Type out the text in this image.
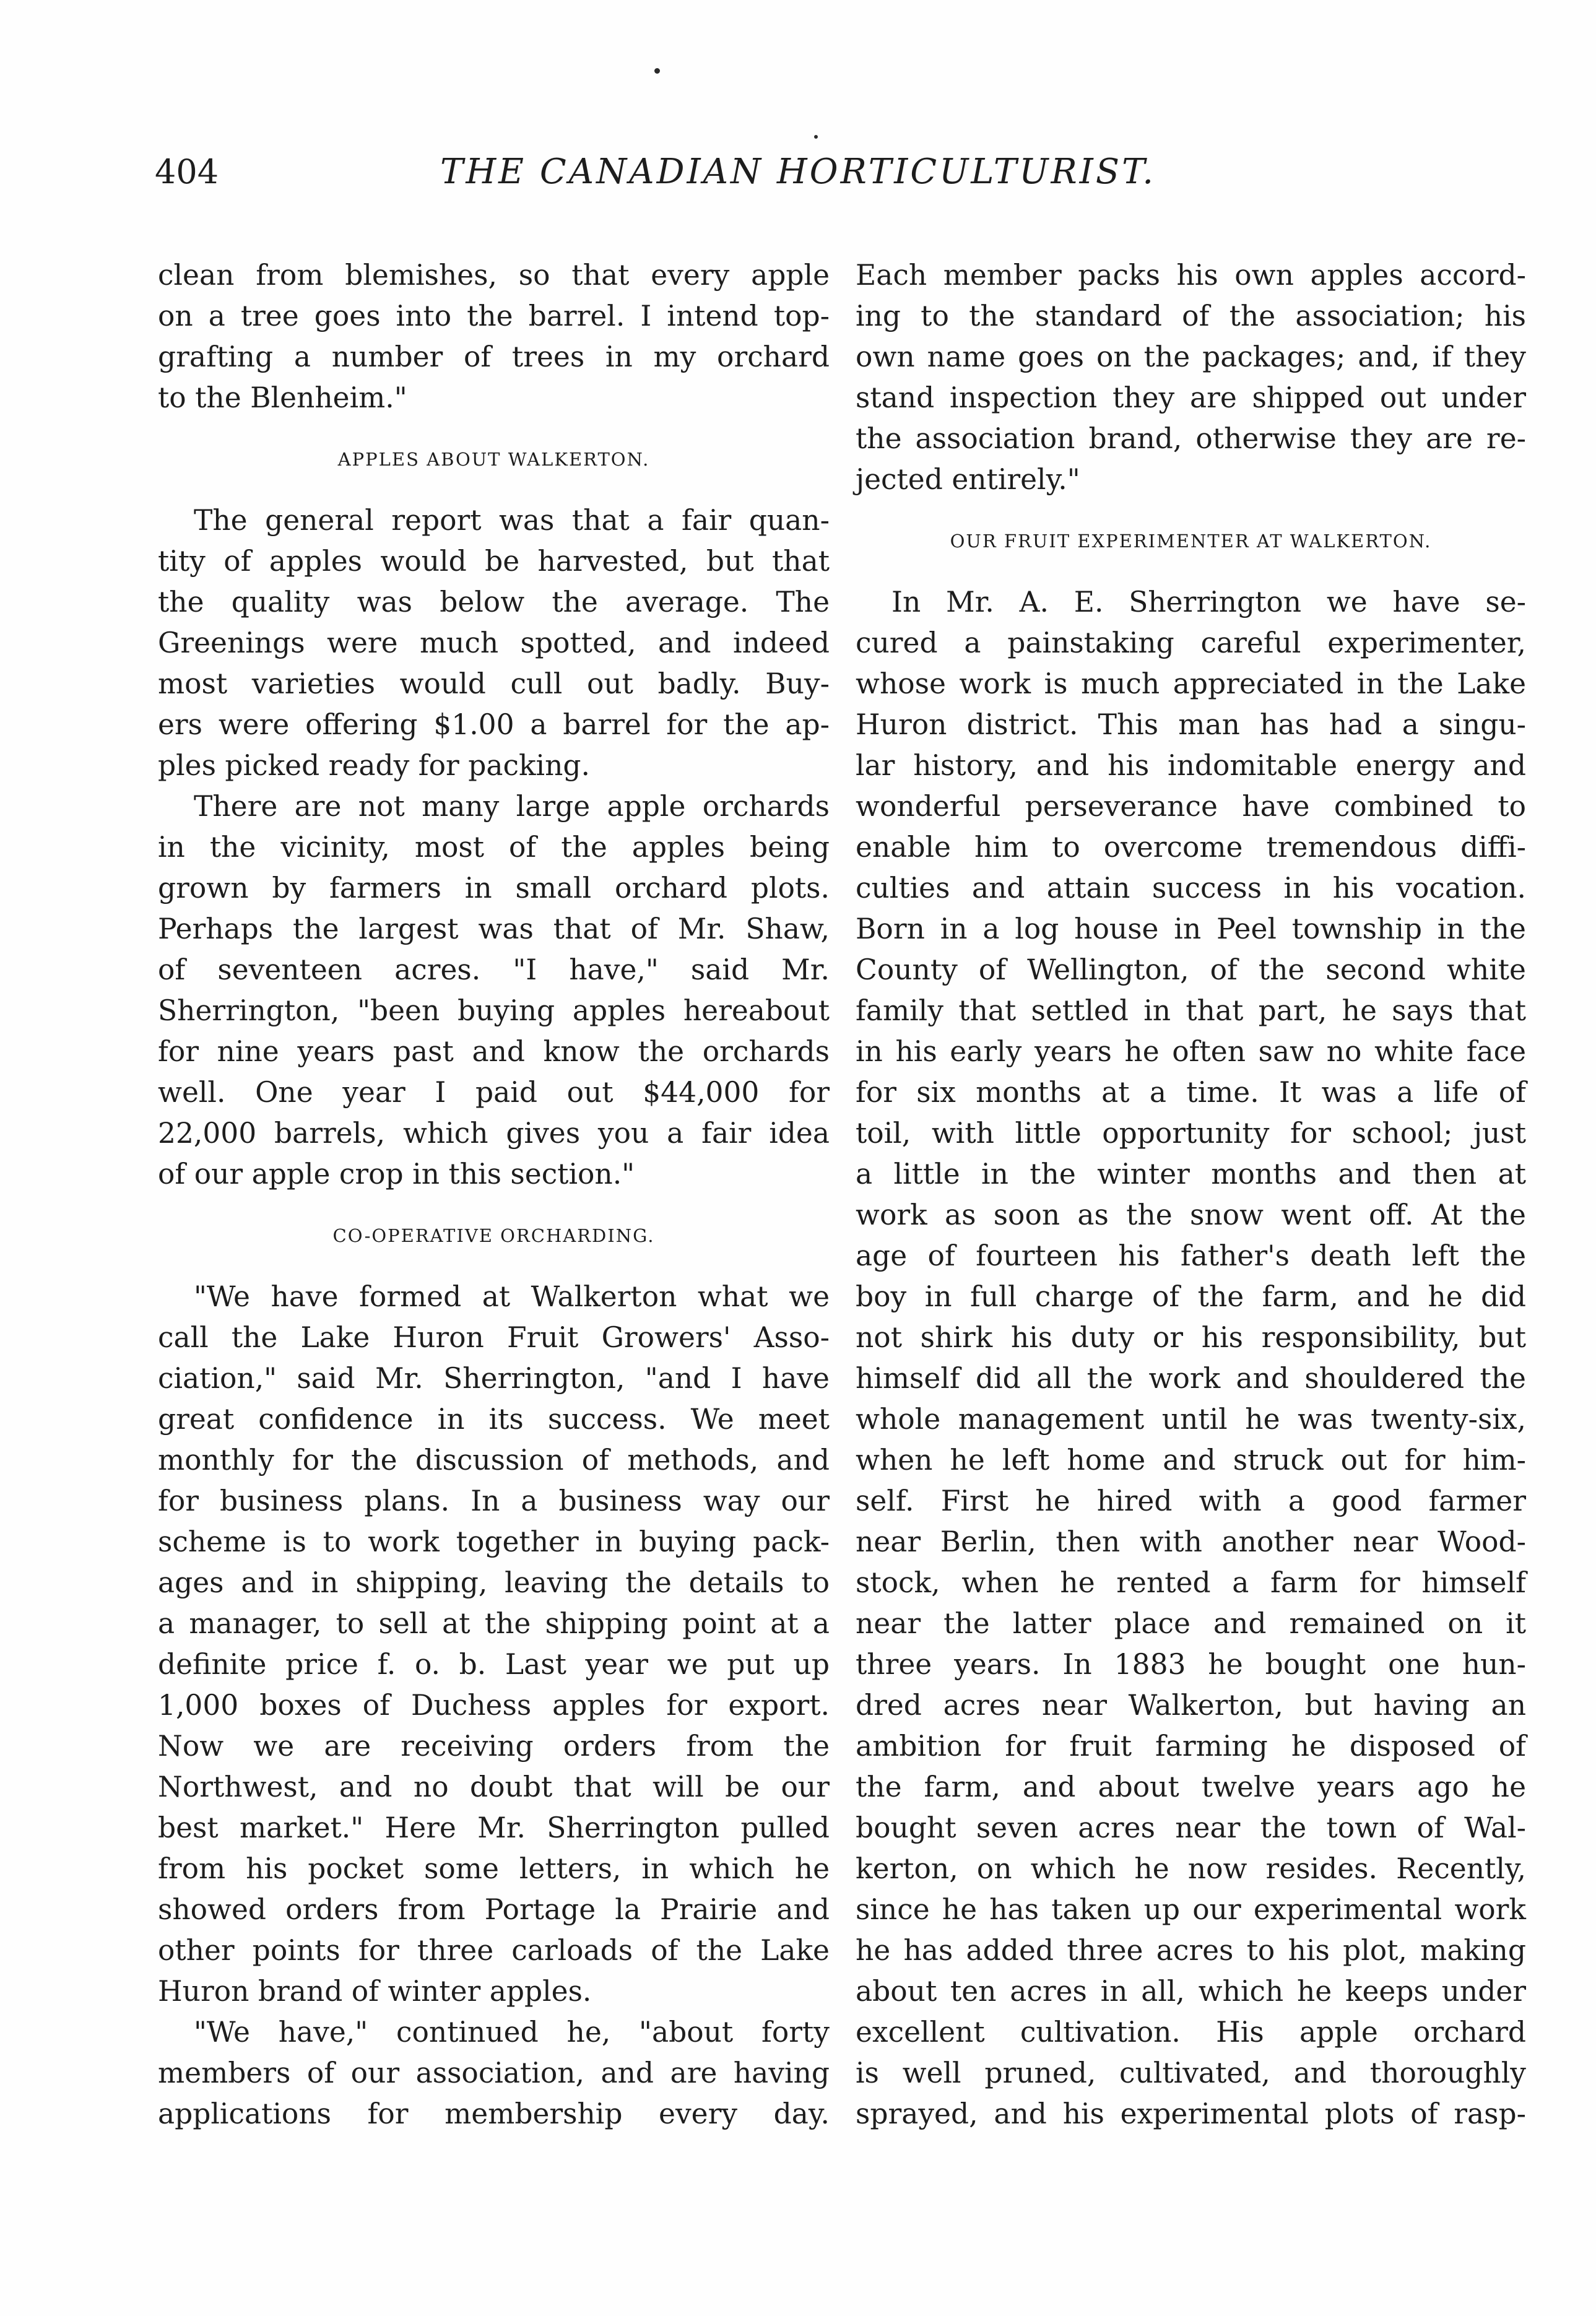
404	THE CANADIAN HORTICULTURIST.
clean from blemishes, so that every apple
on a tree goes into the barrel. I intend top-
grafting a number of trees in my orchard
to the Blenheim."
APPLES ABOUT WALKERTON.
The general report was that a fair quan-
tity of apples would be harvested, but that
the quality was below the average. The
Greenings were much spotted, and indeed
most varieties would cull out badly. Buy-
ers were offering $1.00 a barrel for the ap-
ples picked ready for packing.
There are not many large apple orchards
in the vicinity, most of the apples being
grown by farmers in small orchard plots.
Perhaps the largest was that of Mr. Shaw,
of seventeen acres. "I have," said Mr.
Sherrington, "been buying apples hereabout
for nine years past and know the orchards
well. One year I paid out $44,000 for
22,000 barrels, which gives you a fair idea
of our apple crop in this section."
CO-OPERATIVE ORCHARDING.
"We have formed at Walkerton what we
call the Lake Huron Fruit Growers' Asso-
ciation," said Mr. Sherrington, "and I have
great confidence in its success. We meet
monthly for the discussion of methods, and
for business plans. In a business way our
scheme is to work together in buying pack-
ages and in shipping, leaving the details to
a manager, to sell at the shipping point at a
definite price f. o. b. Last year we put up
1,000 boxes of Duchess apples for export.
Now we are receiving orders from the
Northwest, and no doubt that will be our
best market." Here Mr. Sherrington pulled
from his pocket some letters, in which he
showed orders from Portage la Prairie and
other points for three carloads of the Lake
Huron brand of winter apples.
"We have," continued he, "about forty
members of our association, and are having
applications for membership every day.
Each member packs his own apples accord-
ing to the standard of the association; his
own name goes on the packages; and, if they
stand inspection they are shipped out under
the association brand, otherwise they are re-
jected entirely."
OUR FRUIT EXPERIMENTER AT WALKERTON.
In Mr. A. E. Sherrington we have se-
cured a painstaking careful experimenter,
whose work is much appreciated in the Lake
Huron district. This man has had a singu-
lar history, and his indomitable energy and
wonderful perseverance have combined to
enable him to overcome tremendous diffi-
culties and attain success in his vocation.
Born in a log house in Peel township in the
County of Wellington, of the second white
family that settled in that part, he says that
in his early years he often saw no white face
for six months at a time. It was a life of
toil, with little opportunity for school; just
a little in the winter months and then at
work as soon as the snow went off. At the
age of fourteen his father's death left the
boy in full charge of the farm, and he did
not shirk his duty or his responsibility, but
himself did all the work and shouldered the
whole management until he was twenty-six,
when he left home and struck out for him-
self. First he hired with a good farmer
near Berlin, then with another near Wood-
stock, when he rented a farm for himself
near the latter place and remained on it
three years. In 1883 he bought one hun-
dred acres near Walkerton, but having an
ambition for fruit farming he disposed of
the farm, and about twelve years ago he
bought seven acres near the town of Wal-
kerton, on which he now resides. Recently,
since he has taken up our experimental work
he has added three acres to his plot, making
about ten acres in all, which he keeps under
excellent cultivation. His apple orchard
is well pruned, cultivated, and thoroughly
sprayed, and his experimental plots of rasp-
